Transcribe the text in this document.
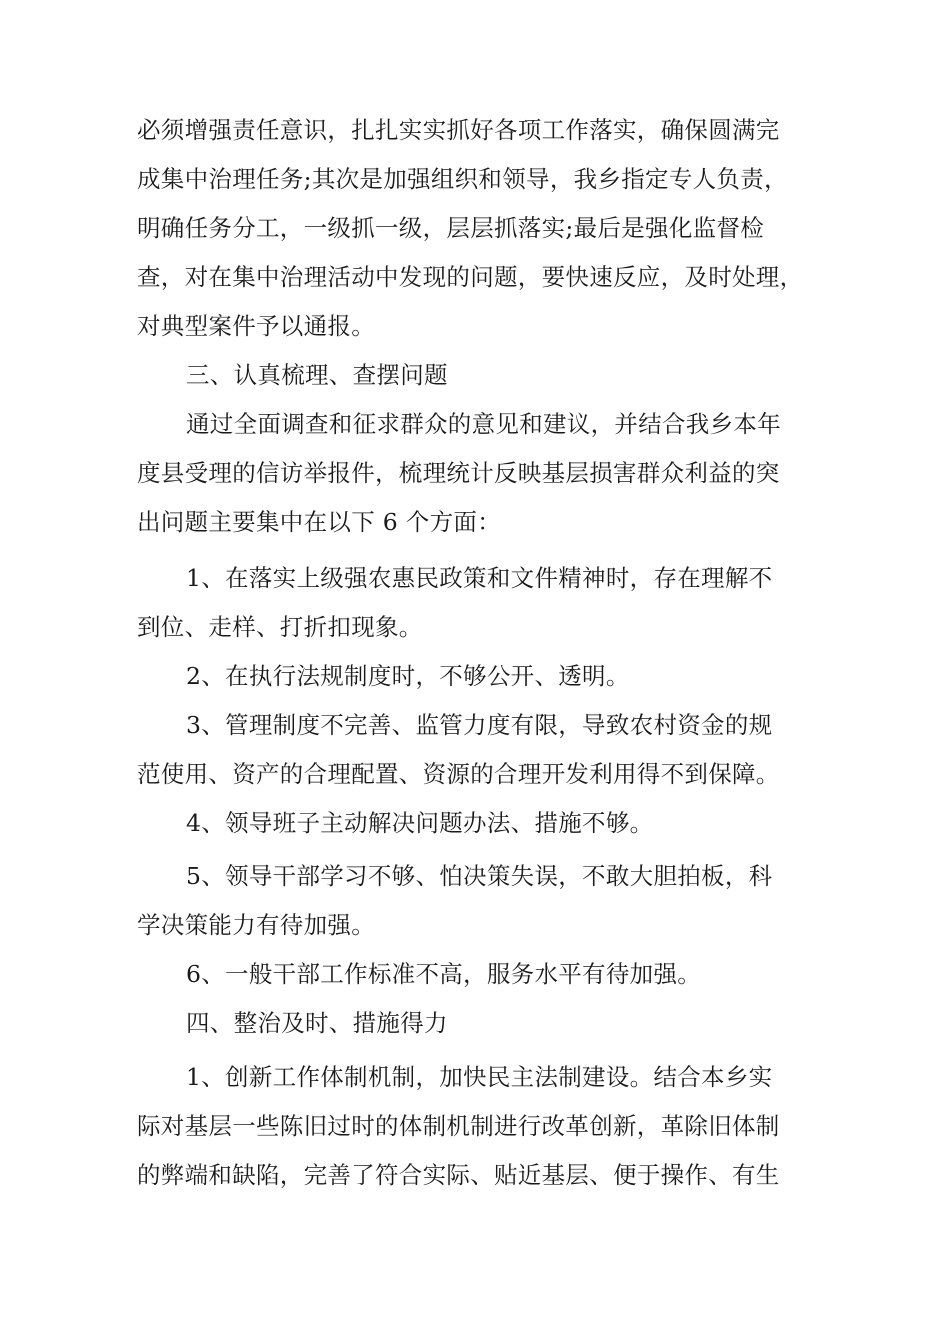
必须增强责任意识，扎扎实实抓好各项工作落实，确保圆满完
成集中治理任务;其次是加强组织和领导，我乡指定专人负责，
明确任务分工，一级抓一级，层层抓落实;最后是强化监督检
查，对在集中治理活动中发现的问题，要快速反应，及时处理，
对典型案件予以通报。
三、认真梳理、查摆问题
通过全面调查和征求群众的意见和建议，并结合我乡本年
度县受理的信访举报件，梳理统计反映基层损害群众利益的突
出问题主要集中在以下 6 个方面：
1、在落实上级强农惠民政策和文件精神时，存在理解不
到位、走样、打折扣现象。
2、在执行法规制度时，不够公开、透明。
3、管理制度不完善、监管力度有限，导致农村资金的规
范使用、资产的合理配置、资源的合理开发利用得不到保障。
4、领导班子主动解决问题办法、措施不够。
5、领导干部学习不够、怕决策失误，不敢大胆拍板，科
学决策能力有待加强。
6、一般干部工作标准不高，服务水平有待加强。
四、整治及时、措施得力
1、创新工作体制机制，加快民主法制建设。结合本乡实
际对基层一些陈旧过时的体制机制进行改革创新，革除旧体制
的弊端和缺陷，完善了符合实际、贴近基层、便于操作、有生
